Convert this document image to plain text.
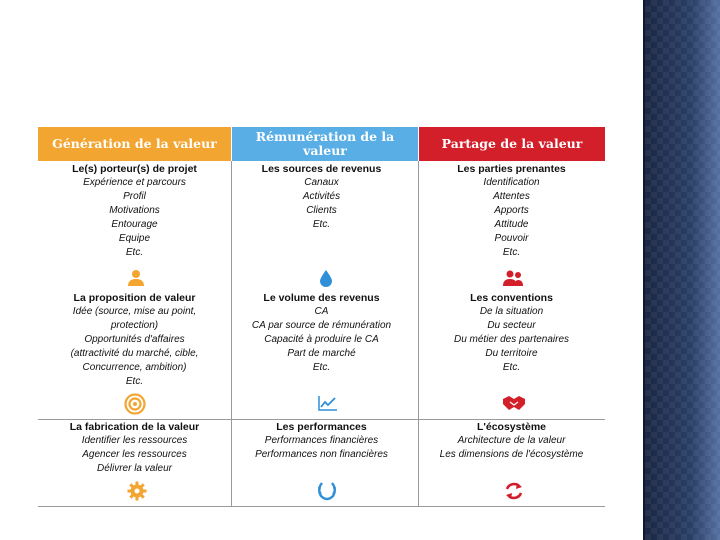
Génération de la valeur	Rémunération de la valeur	Partage de la valeur
Le(s) porteur(s) de projet
Expérience et parcours
Profil
Motivations
Entourage
Equipe
Etc.
Les sources de revenus
Canaux
Activités
Clients
Etc.
Les parties prenantes
Identification
Attentes
Apports
Attitude
Pouvoir
Etc.
La proposition de valeur
Idée (source, mise au point,
protection)
Opportunités d'affaires
(attractivité du marché, cible,
Concurrence, ambition)
Etc.
Le volume des revenus
CA
CA par source de rémunération
Capacité à produire le CA
Part de marché
Etc.
Les conventions
De la situation
Du secteur
Du métier des partenaires
Du territoire
Etc.
La fabrication de la valeur
Identifier les ressources
Agencer les ressources
Délivrer la valeur
Les performances
Performances financières
Performances non financières
L'écosystème
Architecture de la valeur
Les dimensions de l'écosystème
